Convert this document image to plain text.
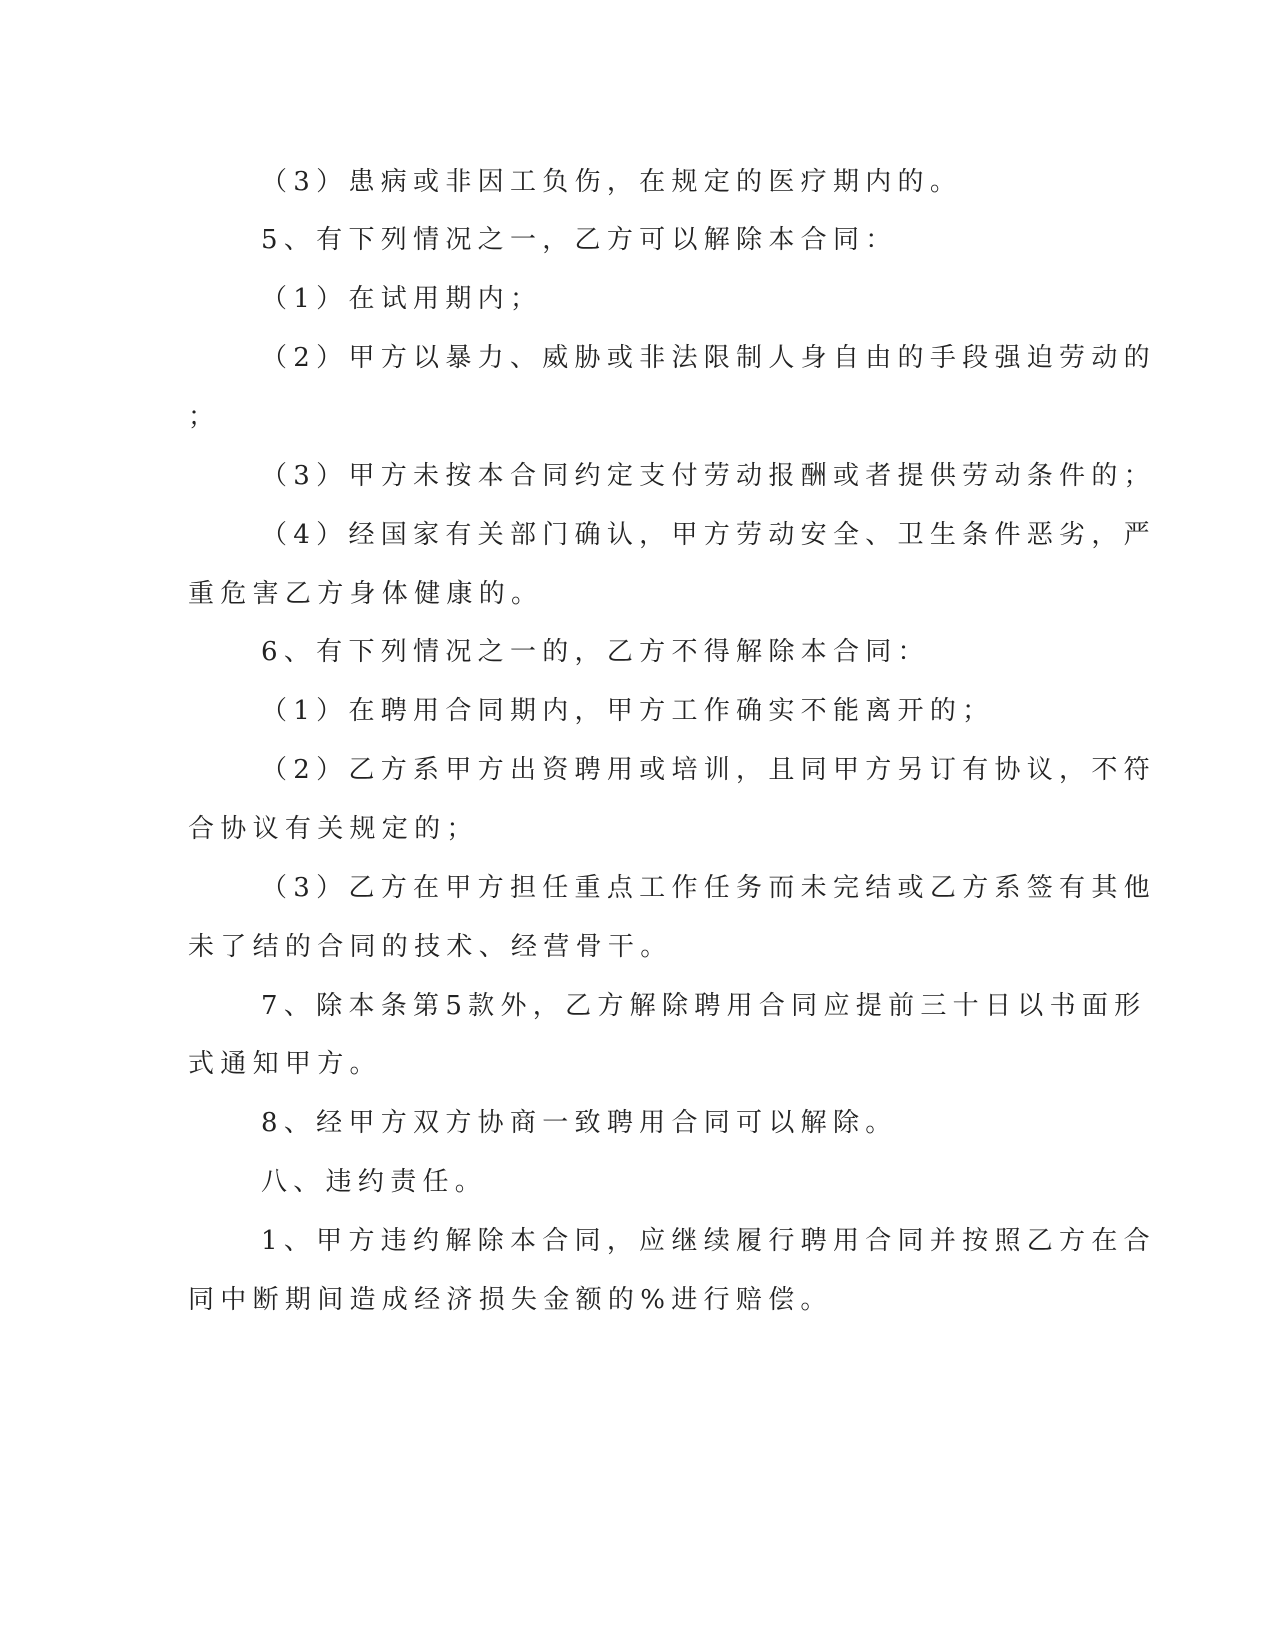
（3）患病或非因工负伤，在规定的医疗期内的。
5、有下列情况之一，乙方可以解除本合同：
（1）在试用期内；
（2）甲方以暴力、威胁或非法限制人身自由的手段强迫劳动的
；
（3）甲方未按本合同约定支付劳动报酬或者提供劳动条件的；
（4）经国家有关部门确认，甲方劳动安全、卫生条件恶劣，严
重危害乙方身体健康的。
6、有下列情况之一的，乙方不得解除本合同：
（1）在聘用合同期内，甲方工作确实不能离开的；
（2）乙方系甲方出资聘用或培训，且同甲方另订有协议，不符
合协议有关规定的；
（3）乙方在甲方担任重点工作任务而未完结或乙方系签有其他
未了结的合同的技术、经营骨干。
7、除本条第5款外，乙方解除聘用合同应提前三十日以书面形
式通知甲方。
8、经甲方双方协商一致聘用合同可以解除。
八、违约责任。
1、甲方违约解除本合同，应继续履行聘用合同并按照乙方在合
同中断期间造成经济损失金额的%进行赔偿。
